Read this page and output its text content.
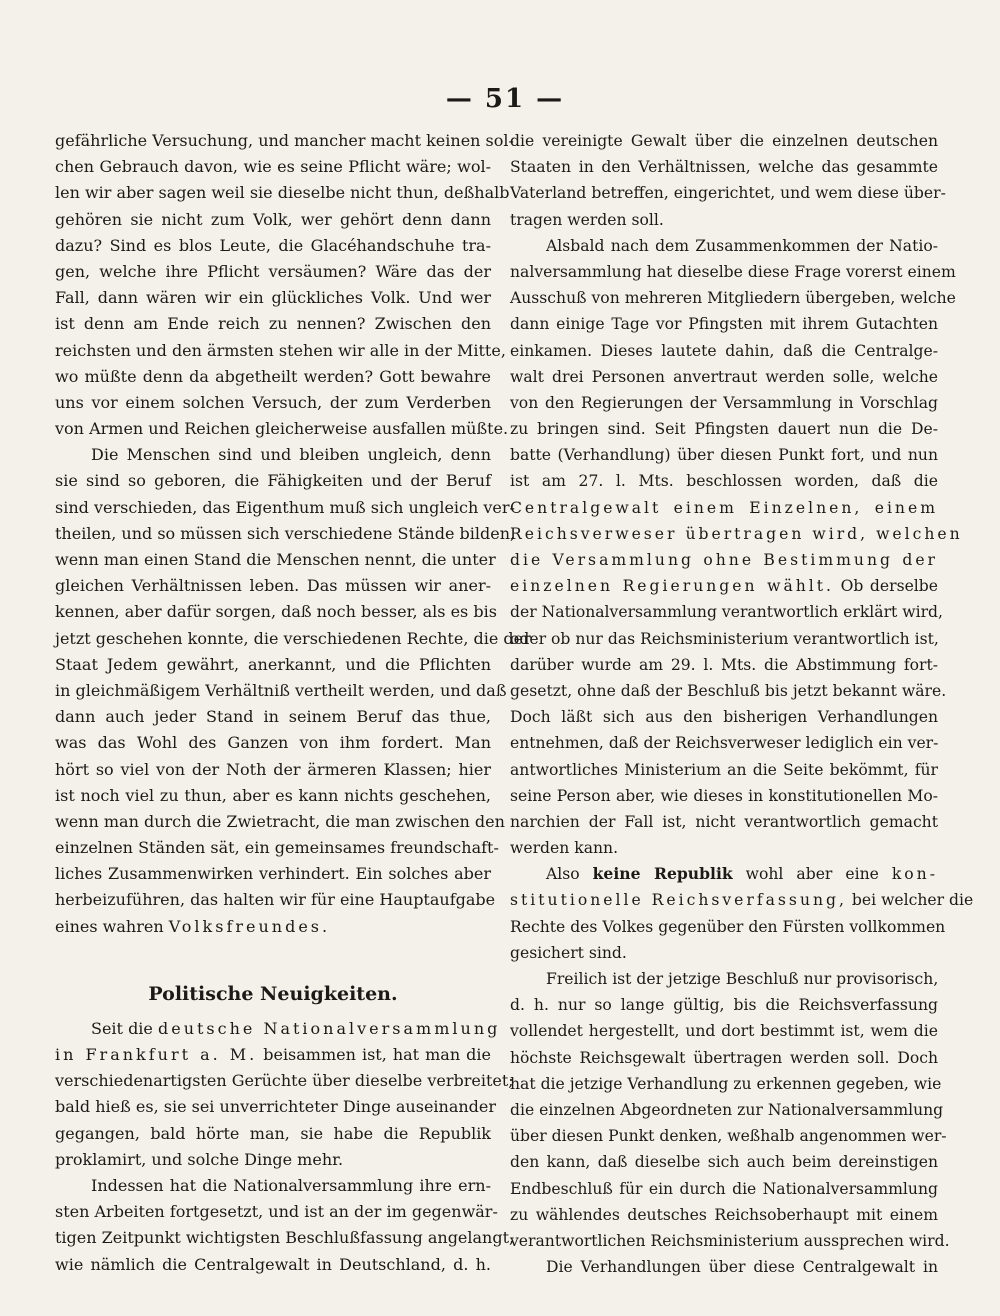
— 51 —
gefährliche Versuchung, und mancher macht keinen sol-
chen Gebrauch davon, wie es seine Pflicht wäre; wol-
len wir aber sagen weil sie dieselbe nicht thun, deßhalb
gehören sie nicht zum Volk, wer gehört denn dann
dazu? Sind es blos Leute, die Glacéhandschuhe tra-
gen, welche ihre Pflicht versäumen? Wäre das der
Fall, dann wären wir ein glückliches Volk. Und wer
ist denn am Ende reich zu nennen? Zwischen den
reichsten und den ärmsten stehen wir alle in der Mitte,
wo müßte denn da abgetheilt werden? Gott bewahre
uns vor einem solchen Versuch, der zum Verderben
von Armen und Reichen gleicherweise ausfallen müßte.
Die Menschen sind und bleiben ungleich, denn
sie sind so geboren, die Fähigkeiten und der Beruf
sind verschieden, das Eigenthum muß sich ungleich ver-
theilen, und so müssen sich verschiedene Stände bilden,
wenn man einen Stand die Menschen nennt, die unter
gleichen Verhältnissen leben. Das müssen wir aner-
kennen, aber dafür sorgen, daß noch besser, als es bis
jetzt geschehen konnte, die verschiedenen Rechte, die der
Staat Jedem gewährt, anerkannt, und die Pflichten
in gleichmäßigem Verhältniß vertheilt werden, und daß
dann auch jeder Stand in seinem Beruf das thue,
was das Wohl des Ganzen von ihm fordert. Man
hört so viel von der Noth der ärmeren Klassen; hier
ist noch viel zu thun, aber es kann nichts geschehen,
wenn man durch die Zwietracht, die man zwischen den
einzelnen Ständen sät, ein gemeinsames freundschaft-
liches Zusammenwirken verhindert. Ein solches aber
herbeizuführen, das halten wir für eine Hauptaufgabe
eines wahren Volksfreundes.
Politische Neuigkeiten.
Seit die deutsche Nationalversammlung
in Frankfurt a. M. beisammen ist, hat man die
verschiedenartigsten Gerüchte über dieselbe verbreitet;
bald hieß es, sie sei unverrichteter Dinge auseinander
gegangen, bald hörte man, sie habe die Republik
proklamirt, und solche Dinge mehr.
Indessen hat die Nationalversammlung ihre ern-
sten Arbeiten fortgesetzt, und ist an der im gegenwär-
tigen Zeitpunkt wichtigsten Beschlußfassung angelangt,
wie nämlich die Centralgewalt in Deutschland, d. h.
die vereinigte Gewalt über die einzelnen deutschen
Staaten in den Verhältnissen, welche das gesammte
Vaterland betreffen, eingerichtet, und wem diese über-
tragen werden soll.
Alsbald nach dem Zusammenkommen der Natio-
nalversammlung hat dieselbe diese Frage vorerst einem
Ausschuß von mehreren Mitgliedern übergeben, welche
dann einige Tage vor Pfingsten mit ihrem Gutachten
einkamen. Dieses lautete dahin, daß die Centralge-
walt drei Personen anvertraut werden solle, welche
von den Regierungen der Versammlung in Vorschlag
zu bringen sind. Seit Pfingsten dauert nun die De-
batte (Verhandlung) über diesen Punkt fort, und nun
ist am 27. l. Mts. beschlossen worden, daß die
Centralgewalt einem Einzelnen, einem
Reichsverweser übertragen wird, welchen
die Versammlung ohne Bestimmung der
einzelnen Regierungen wählt. Ob derselbe
der Nationalversammlung verantwortlich erklärt wird,
oder ob nur das Reichsministerium verantwortlich ist,
darüber wurde am 29. l. Mts. die Abstimmung fort-
gesetzt, ohne daß der Beschluß bis jetzt bekannt wäre.
Doch läßt sich aus den bisherigen Verhandlungen
entnehmen, daß der Reichsverweser lediglich ein ver-
antwortliches Ministerium an die Seite bekömmt, für
seine Person aber, wie dieses in konstitutionellen Mo-
narchien der Fall ist, nicht verantwortlich gemacht
werden kann.
Also keine Republik wohl aber eine kon-
stitutionelle Reichsverfassung, bei welcher die
Rechte des Volkes gegenüber den Fürsten vollkommen
gesichert sind.
Freilich ist der jetzige Beschluß nur provisorisch,
d. h. nur so lange gültig, bis die Reichsverfassung
vollendet hergestellt, und dort bestimmt ist, wem die
höchste Reichsgewalt übertragen werden soll. Doch
hat die jetzige Verhandlung zu erkennen gegeben, wie
die einzelnen Abgeordneten zur Nationalversammlung
über diesen Punkt denken, weßhalb angenommen wer-
den kann, daß dieselbe sich auch beim dereinstigen
Endbeschluß für ein durch die Nationalversammlung
zu wählendes deutsches Reichsoberhaupt mit einem
verantwortlichen Reichsministerium aussprechen wird.
Die Verhandlungen über diese Centralgewalt in
